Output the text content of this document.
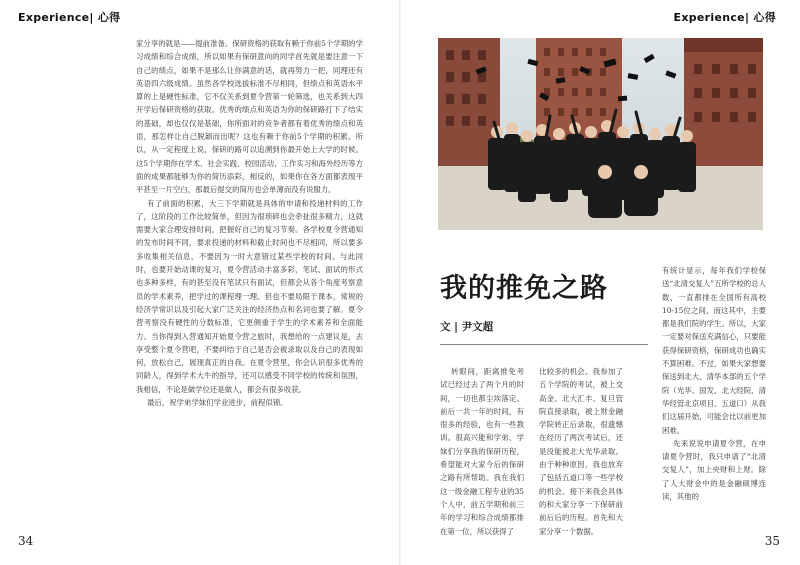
Experience| 心得

家分享的就是——提前准备。保研资格的获取有赖于你前5个学期的学习成绩和综合成绩，所以如果有保研意向的同学首先就是要注意一下自己的绩点，如果不是那么让你满意的话，就再努力一把，同理还有英语四六级成绩。虽然各学校选拔标准不尽相同，但绩点和英语水平算的上是硬性标准，它不仅关系到夏令营第一轮筛选，也关系到大四开学后保研资格的获取。优秀的绩点和英语为你的保研路打下了结实的基础，却也仅仅是基础，你所面对的竞争者都有着优秀的绩点和英语，那怎样让自己脱颖而出呢？这也有赖于你前5个学期的积累。所以，从一定程度上说，保研的路可以追溯到你最开始上大学的时候。这5个学期你在学术、社会实践、校园活动、工作实习和海外经历等方面的成果都能够为你的简历添彩，相反的，如果你在各方面都表现平平甚至一片空白，那最后提交的简历也会单薄而没有说服力。

有了前面的积累，大三下学期就是具体的申请和投递材料的工作了，这阶段的工作比较简单，但因为很琐碎也会牵扯很多精力，这就需要大家合理安排时间，把握好自己的复习节奏。各学校夏令营通知的发布时间不同，要求投递的材料和截止时间也不尽相同，所以要多多收集相关信息，不要因为一时大意错过某些学校的时间。与此同时，也要开始动课的复习，夏令营活动丰富多彩，笔试、面试的形式也多种多样，有的甚至没有笔试只有面试，但都会从各个角度考察意员的学术素养，把学过的课程理一理。但也不要局限于课本，常规的经济学常识以及引起大家广泛关注的经济热点和名词也要了解。夏令营考察没有硬性的分数标准，它更侧重于学生的学术素养和全面能力。当你得到入营通知开始夏令营之旅时，我想给的一点建议是，去享受整个夏令营吧，不要纠结于自己是否会被录取以及自己的表现如何，放松自己，展现真正的自我。在夏令营里，你会认识很多优秀的同龄人，得到学术大牛的指导，还可以感受不同学校的传统和氛围，我相信，不论是做学位还是做人，都会有很多收获。

最后，祝学弟学妹们学业进步，前程似锦。

34
Experience| 心得
我的推免之路
文 | 尹文超

转眼间，距离推免考试已经过去了两个月的时间，一切也都尘埃落定。前后一共一年的时间，有很多的经验，也有一些教训。很高兴能和学弟、学妹们分享我的保研历程，希望能对大家今后的保研之路有所帮助。我在我们这一级金融工程专业的35个人中，前五学期和前三年的学习和综合成绩都排在第一位，所以获得了

比较多的机会。我参加了五个学院的考试，被上交高金、北大汇丰、复旦管院直接录取，被上财金融学院转正后录取，很遗憾在经历了两次考试后，还是没能被北大光华录取。由于种种原因，我也放弃了包括五道口等一些学校的机会。接下来我会具体的和大家分享一下保研前前后后的历程。首先和大家分享一个数据。

有统计显示，每年我们学校保送“北清交复人”五所学校的总人数，一直都排在全国所有高校10-15位之间，而这其中，主要都是我们院的学生。所以，大家一定要对保送充满信心，只要能获得保研资格，保研成功也确实不算困难。不过，如果大家想要保送到北大、清华本部的五个学院（光华、国发、北大经院、清华经管北京项目、五道口）从我们这届开始，可能会比以前更加困难。

先来说说申请夏令营，在申请夏令营时，我只申请了“北清交复人”，加上央财和上财。除了人大财金中的是金融硕博连读，其他的

35
